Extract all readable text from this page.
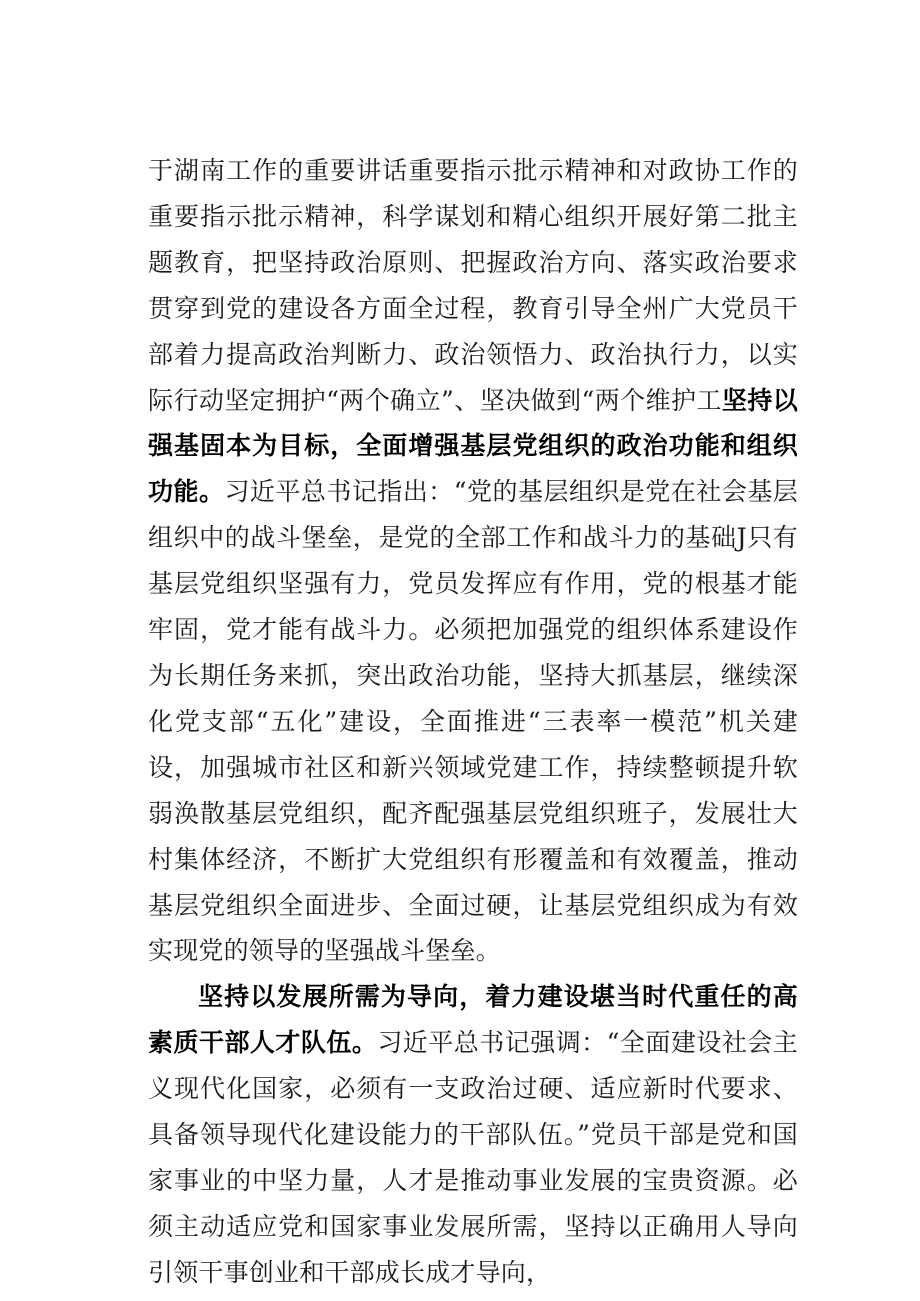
于湖南工作的重要讲话重要指示批示精神和对政协工作的重要指示批示精神，科学谋划和精心组织开展好第二批主题教育，把坚持政治原则、把握政治方向、落实政治要求贯穿到党的建设各方面全过程，教育引导全州广大党员干部着力提高政治判断力、政治领悟力、政治执行力，以实际行动坚定拥护“两个确立”、坚决做到“两个维护工坚持以强基固本为目标，全面增强基层党组织的政治功能和组织功能。习近平总书记指出：“党的基层组织是党在社会基层组织中的战斗堡垒，是党的全部工作和战斗力的基础J只有基层党组织坚强有力，党员发挥应有作用，党的根基才能牢固，党才能有战斗力。必须把加强党的组织体系建设作为长期任务来抓，突出政治功能，坚持大抓基层，继续深化党支部“五化”建设，全面推进“三表率一模范”机关建设，加强城市社区和新兴领域党建工作，持续整顿提升软弱涣散基层党组织，配齐配强基层党组织班子，发展壮大村集体经济，不断扩大党组织有形覆盖和有效覆盖，推动基层党组织全面进步、全面过硬，让基层党组织成为有效实现党的领导的坚强战斗堡垒。

坚持以发展所需为导向，着力建设堪当时代重任的高素质干部人才队伍。习近平总书记强调：“全面建设社会主义现代化国家，必须有一支政治过硬、适应新时代要求、具备领导现代化建设能力的干部队伍。”党员干部是党和国家事业的中坚力量，人才是推动事业发展的宝贵资源。必须主动适应党和国家事业发展所需，坚持以正确用人导向引领干事创业和干部成长成才导向，
